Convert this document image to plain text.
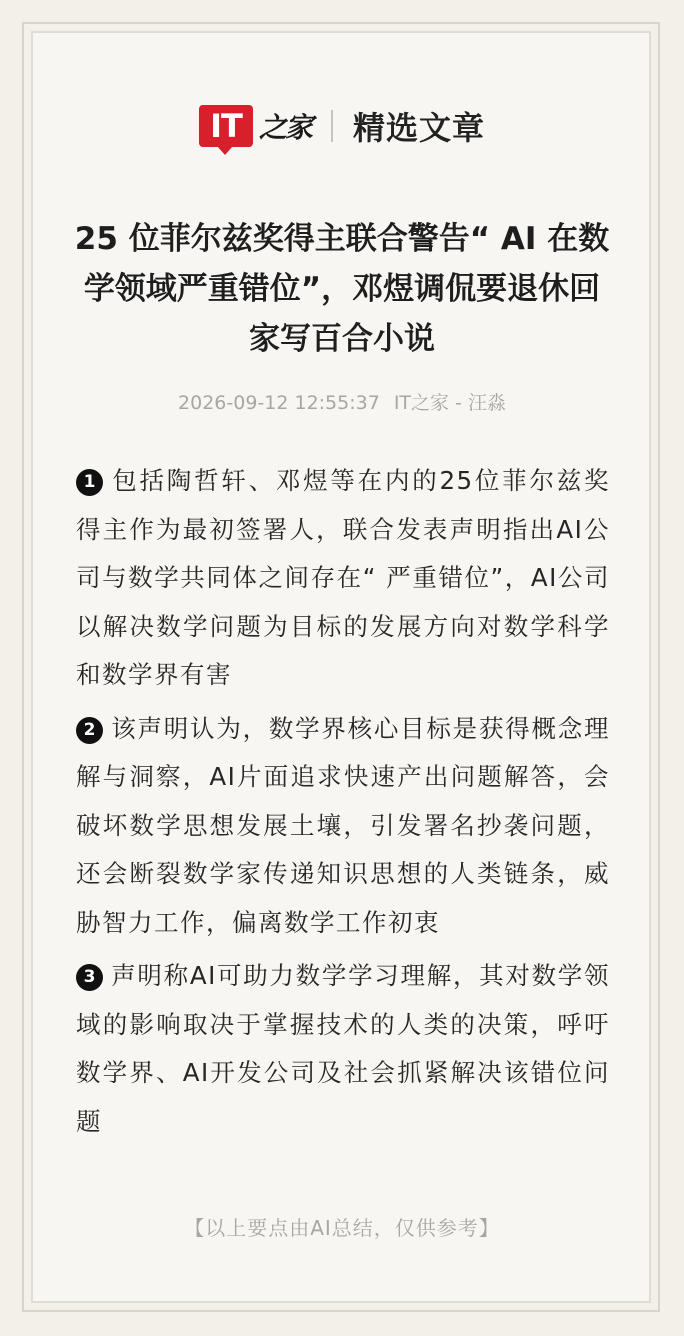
IT 之家 精选文章
25 位菲尔兹奖得主联合警告“ AI 在数学领域严重错位”，邓煜调侃要退休回家写百合小说
2026-09-12 12:55:37 IT之家 - 汪淼
1 包括陶哲轩、邓煜等在内的25位菲尔兹奖得主作为最初签署人，联合发表声明指出AI公司与数学共同体之间存在“ 严重错位”，AI公司以解决数学问题为目标的发展方向对数学科学和数学界有害
2 该声明认为，数学界核心目标是获得概念理解与洞察，AI片面追求快速产出问题解答，会破坏数学思想发展土壤，引发署名抄袭问题，还会断裂数学家传递知识思想的人类链条，威胁智力工作，偏离数学工作初衷
3 声明称AI可助力数学学习理解，其对数学领域的影响取决于掌握技术的人类的决策，呼吁数学界、AI开发公司及社会抓紧解决该错位问题
【以上要点由AI总结，仅供参考】
